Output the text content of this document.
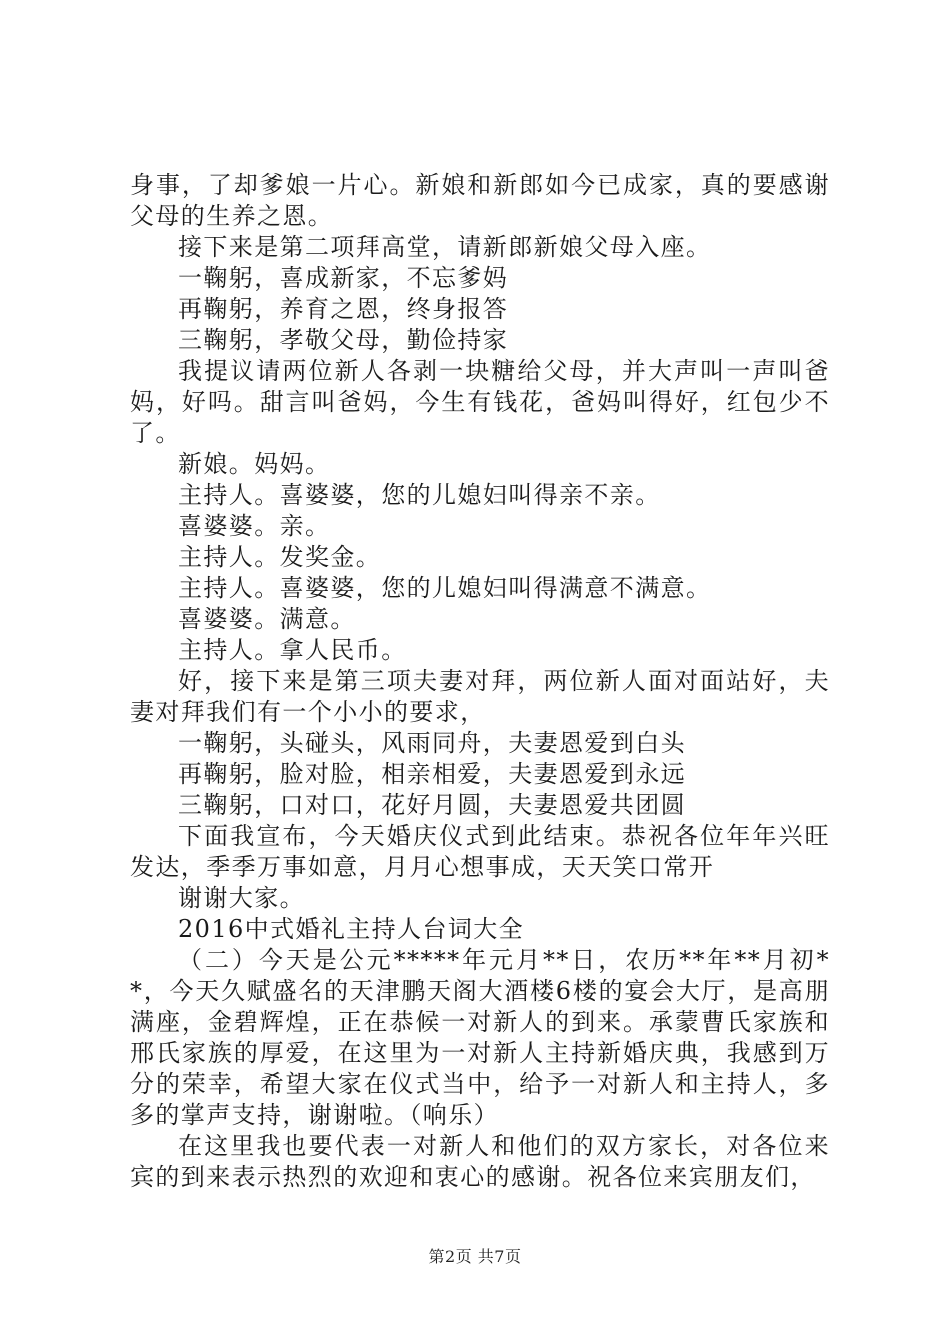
身事，了却爹娘一片心。新娘和新郎如今已成家，真的要感谢父母的生养之恩。

接下来是第二项拜高堂，请新郎新娘父母入座。

一鞠躬，喜成新家，不忘爹妈

再鞠躬，养育之恩，终身报答

三鞠躬，孝敬父母，勤俭持家

我提议请两位新人各剥一块糖给父母，并大声叫一声叫爸妈，好吗。甜言叫爸妈，今生有钱花，爸妈叫得好，红包少不了。

新娘。妈妈。

主持人。喜婆婆，您的儿媳妇叫得亲不亲。

喜婆婆。亲。

主持人。发奖金。

主持人。喜婆婆，您的儿媳妇叫得满意不满意。

喜婆婆。满意。

主持人。拿人民币。

好，接下来是第三项夫妻对拜，两位新人面对面站好，夫妻对拜我们有一个小小的要求，

一鞠躬，头碰头，风雨同舟，夫妻恩爱到白头

再鞠躬，脸对脸，相亲相爱，夫妻恩爱到永远

三鞠躬，口对口，花好月圆，夫妻恩爱共团圆

下面我宣布，今天婚庆仪式到此结束。恭祝各位年年兴旺发达，季季万事如意，月月心想事成，天天笑口常开

谢谢大家。

2016中式婚礼主持人台词大全

（二）今天是公元*****年元月**日，农历**年**月初**，今天久赋盛名的天津鹏天阁大酒楼6楼的宴会大厅，是高朋满座，金碧辉煌，正在恭候一对新人的到来。承蒙曹氏家族和邢氏家族的厚爱，在这里为一对新人主持新婚庆典，我感到万分的荣幸，希望大家在仪式当中，给予一对新人和主持人，多多的掌声支持，谢谢啦。（响乐）

在这里我也要代表一对新人和他们的双方家长，对各位来宾的到来表示热烈的欢迎和衷心的感谢。祝各位来宾朋友们，

第2页 共7页
